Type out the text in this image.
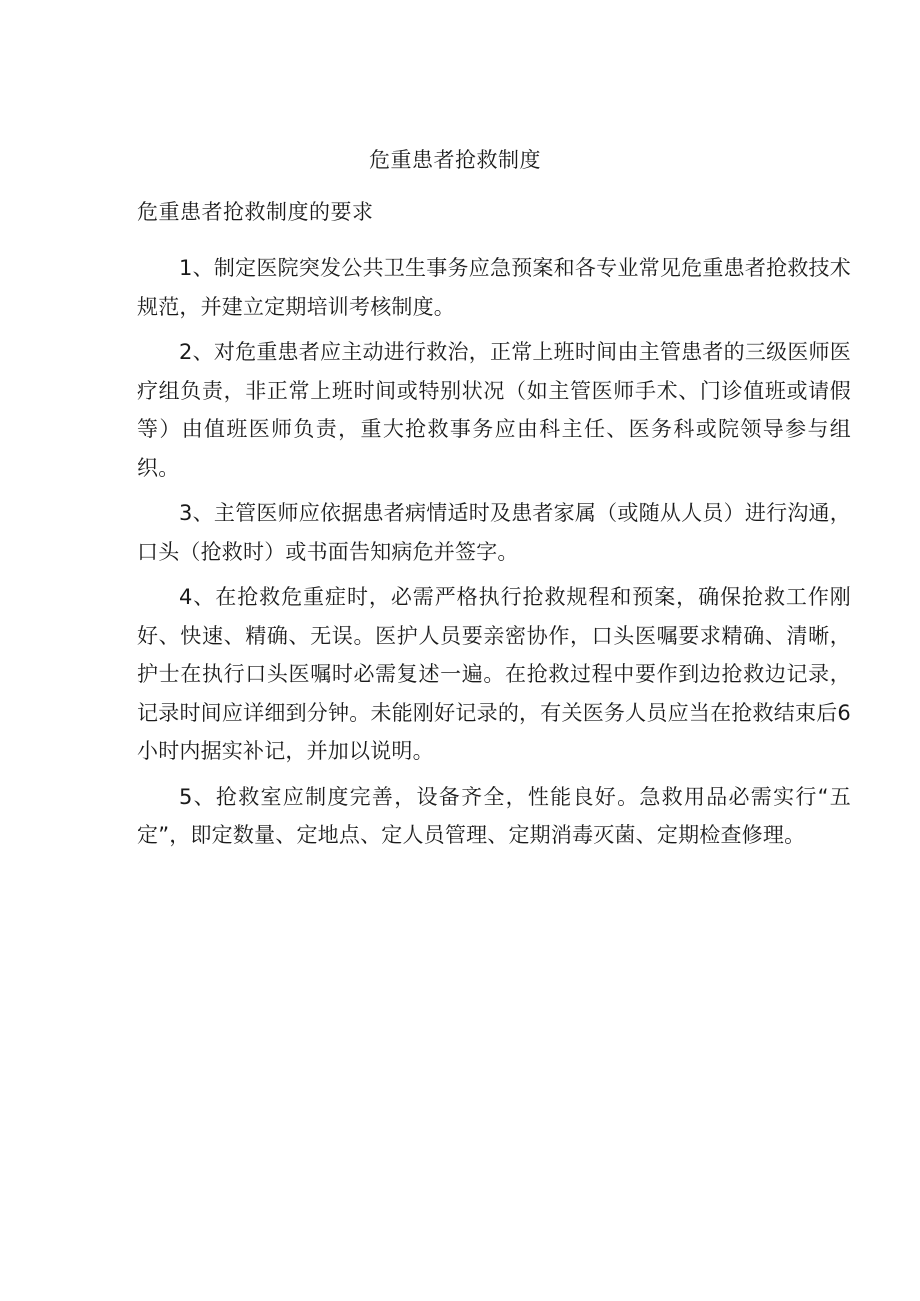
危重患者抢救制度
危重患者抢救制度的要求

1、制定医院突发公共卫生事务应急预案和各专业常见危重患者抢救技术规范，并建立定期培训考核制度。

2、对危重患者应主动进行救治，正常上班时间由主管患者的三级医师医疗组负责，非正常上班时间或特别状况（如主管医师手术、门诊值班或请假等）由值班医师负责，重大抢救事务应由科主任、医务科或院领导参与组织。

3、主管医师应依据患者病情适时及患者家属（或随从人员）进行沟通，口头（抢救时）或书面告知病危并签字。

4、在抢救危重症时，必需严格执行抢救规程和预案，确保抢救工作刚好、快速、精确、无误。医护人员要亲密协作，口头医嘱要求精确、清晰，护士在执行口头医嘱时必需复述一遍。在抢救过程中要作到边抢救边记录，记录时间应详细到分钟。未能刚好记录的，有关医务人员应当在抢救结束后6小时内据实补记，并加以说明。

5、抢救室应制度完善，设备齐全，性能良好。急救用品必需实行“五定”，即定数量、定地点、定人员管理、定期消毒灭菌、定期检查修理。
